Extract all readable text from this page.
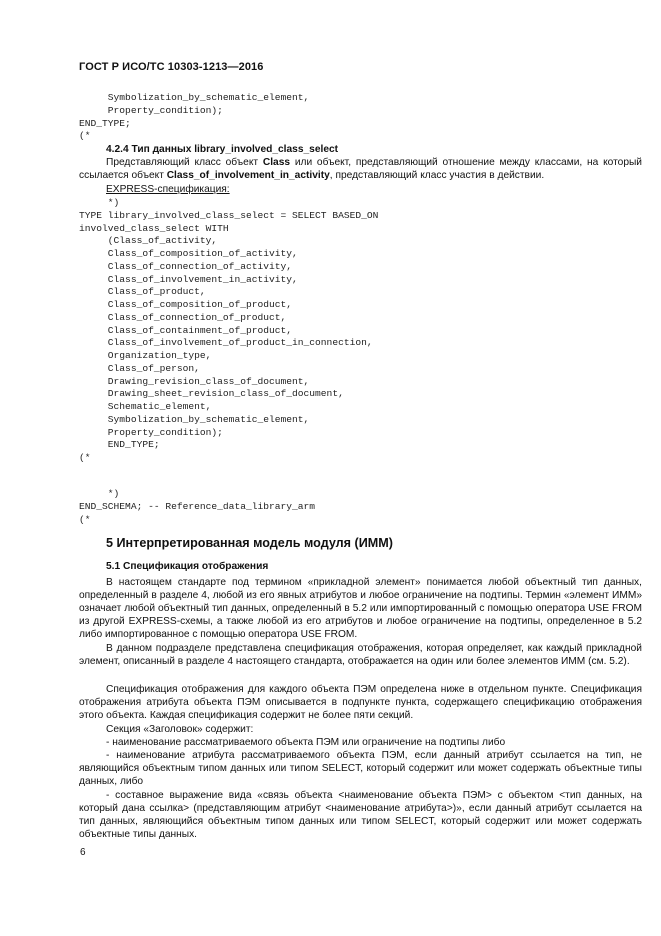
ГОСТ Р ИСО/ТС 10303-1213—2016
Symbolization_by_schematic_element,
Property_condition);
END_TYPE;
(*
4.2.4 Тип данных library_involved_class_select
Представляющий класс объект Class или объект, представляющий отношение между классами, на который ссылается объект Class_of_involvement_in_activity, представляющий класс участия в действии.
EXPRESS-спецификация:
*)
TYPE library_involved_class_select = SELECT BASED_ON
involved_class_select WITH
(Class_of_activity,
Class_of_composition_of_activity,
Class_of_connection_of_activity,
Class_of_involvement_in_activity,
Class_of_product,
Class_of_composition_of_product,
Class_of_connection_of_product,
Class_of_containment_of_product,
Class_of_involvement_of_product_in_connection,
Organization_type,
Class_of_person,
Drawing_revision_class_of_document,
Drawing_sheet_revision_class_of_document,
Schematic_element,
Symbolization_by_schematic_element,
Property_condition);
END_TYPE;
(*
*)
END_SCHEMA; -- Reference_data_library_arm
(*
5 Интерпретированная модель модуля (ИММ)
5.1 Спецификация отображения
В настоящем стандарте под термином «прикладной элемент» понимается любой объектный тип данных, определенный в разделе 4, любой из его явных атрибутов и любое ограничение на подтипы. Термин «элемент ИММ» означает любой объектный тип данных, определенный в 5.2 или импортированный с помощью оператора USE FROM из другой EXPRESS-схемы, а также любой из его атрибутов и любое ограничение на подтипы, определенное в 5.2 либо импортированное с помощью оператора USE FROM.
В данном подразделе представлена спецификация отображения, которая определяет, как каждый прикладной элемент, описанный в разделе 4 настоящего стандарта, отображается на один или более элементов ИММ (см. 5.2).
Спецификация отображения для каждого объекта ПЭМ определена ниже в отдельном пункте. Спецификация отображения атрибута объекта ПЭМ описывается в подпункте пункта, содержащего спецификацию отображения этого объекта. Каждая спецификация содержит не более пяти секций.
Секция «Заголовок» содержит:
- наименование рассматриваемого объекта ПЭМ или ограничение на подтипы либо
- наименование атрибута рассматриваемого объекта ПЭМ, если данный атрибут ссылается на тип, не являющийся объектным типом данных или типом SELECT, который содержит или может содержать объектные типы данных, либо
- составное выражение вида «связь объекта <наименование объекта ПЭМ> с объектом <тип данных, на который дана ссылка> (представляющим атрибут <наименование атрибута>)», если данный атрибут ссылается на тип данных, являющийся объектным типом данных или типом SELECT, который содержит или может содержать объектные типы данных.
6
